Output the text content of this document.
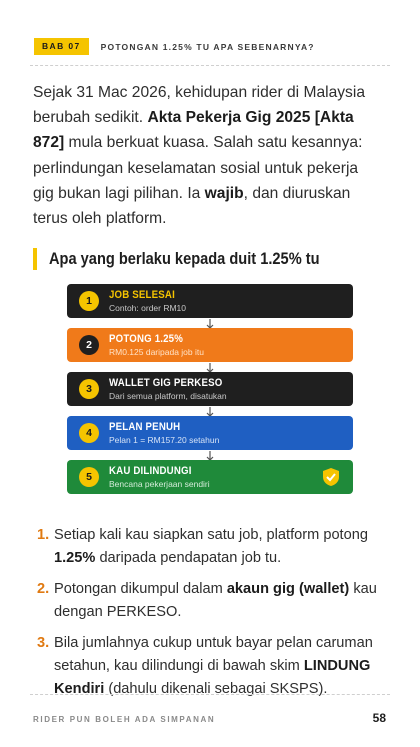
BAB 07	POTONGAN 1.25% TU APA SEBENARNYA?
Sejak 31 Mac 2026, kehidupan rider di Malaysia berubah sedikit. Akta Pekerja Gig 2025 [Akta 872] mula berkuat kuasa. Salah satu kesannya: perlindungan keselamatan sosial untuk pekerja gig bukan lagi pilihan. Ia wajib, dan diuruskan terus oleh platform.
Apa yang berlaku kepada duit 1.25% tu
1
JOB SELESAI
Contoh: order RM10
2
POTONG 1.25%
RM0.125 daripada job itu
3
WALLET GIG PERKESO
Dari semua platform, disatukan
4
PELAN PENUH
Pelan 1 = RM157.20 setahun
5
KAU DILINDUNGI
Bencana pekerjaan sendiri
1. Setiap kali kau siapkan satu job, platform potong 1.25% daripada pendapatan job tu.
2. Potongan dikumpul dalam akaun gig (wallet) kau dengan PERKESO.
3. Bila jumlahnya cukup untuk bayar pelan caruman setahun, kau dilindungi di bawah skim LINDUNG Kendiri (dahulu dikenali sebagai SKSPS).
RIDER PUN BOLEH ADA SIMPANAN	58
